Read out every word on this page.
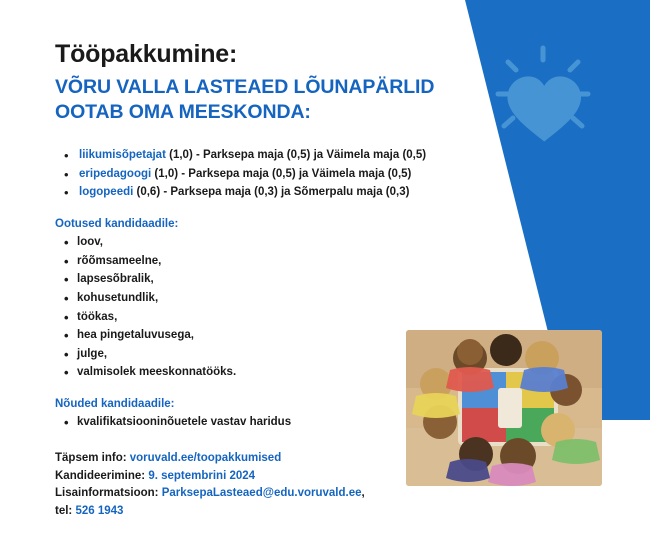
Tööpakkumine:
VÕRU VALLA LASTEAED LÕUNAPÄRLID OOTAB OMA MEESKONDA:
• liikumisõpetajat (1,0) - Parksepa maja (0,5) ja Väimela maja (0,5)
• eripedagoogi (1,0) - Parksepa maja (0,5) ja Väimela maja (0,5)
• logopeedi (0,6) - Parksepa maja (0,3) ja Sõmerpalu maja (0,3)
Ootused kandidaadile:
• loov,
• rõõmsameelne,
• lapsesõbralik,
• kohusetundlik,
• töökas,
• hea pingetaluvusega,
• julge,
• valmisolek meeskonnatööks.
Nõuded kandidaadile:
• kvalifikatsiooninõuetele vastav haridus
Täpsem info: voruvald.ee/toopakkumised
Kandideerimine: 9. septembrini 2024
Lisainformatsioon: ParksepaLasteaed@edu.voruvald.ee,
tel: 526 1943
